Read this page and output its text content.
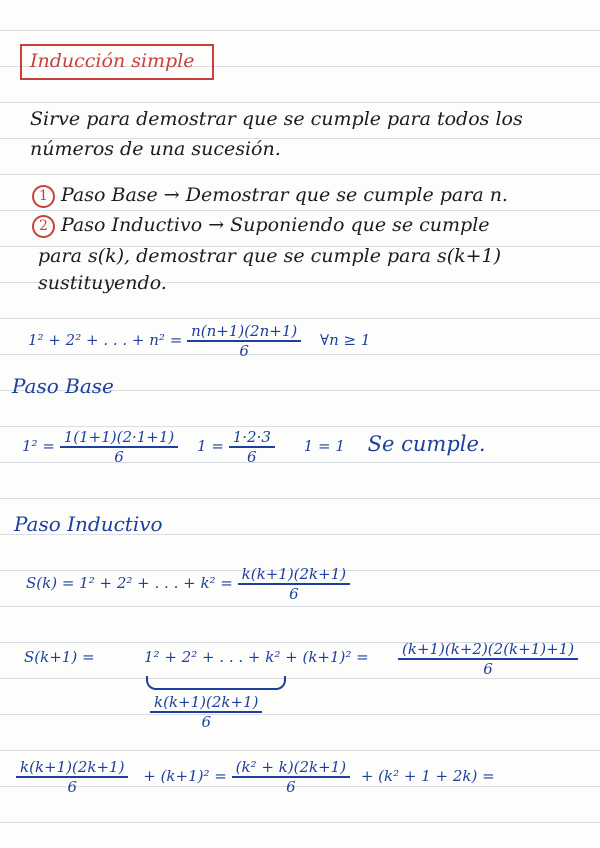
Inducción simple
Sirve para demostrar que se cumple para todos los
números de una sucesión.
1 Paso Base → Demostrar que se cumple para n.
2 Paso Inductivo → Suponiendo que se cumple
para s(k), demostrar que se cumple para s(k+1)
sustituyendo.
1² + 2² + . . . + $n^2 = \frac{n(n+1)(2n+1)}{6}$ ∀n ≥ 1
Paso Base
$1^2 = \frac{1(1+1)(2\cdot 1+1)}{6} 1 = \frac{1\cdot 2\cdot 3}{6} 1 = 1$ Se cumple.
Paso Inductivo
S(k) = 1² + 2² + . . . + $k^2 = \frac{k(k+1)(2k+1)}{6}$
S(k+1) =	1² + 2² + . . . + $k^2 + (k+1)^2 = \frac{(k+1)(k+2)(2(k+1)+1)}{6}$
$\frac{k(k+1)(2k+1)}{6}$
$\frac{k(k+1)(2k+1)}{6} + (k+1)^2 = \frac{\text{(k² + k)(2k+1)}}{6} + (k^2 + 1 + 2k)$ =
